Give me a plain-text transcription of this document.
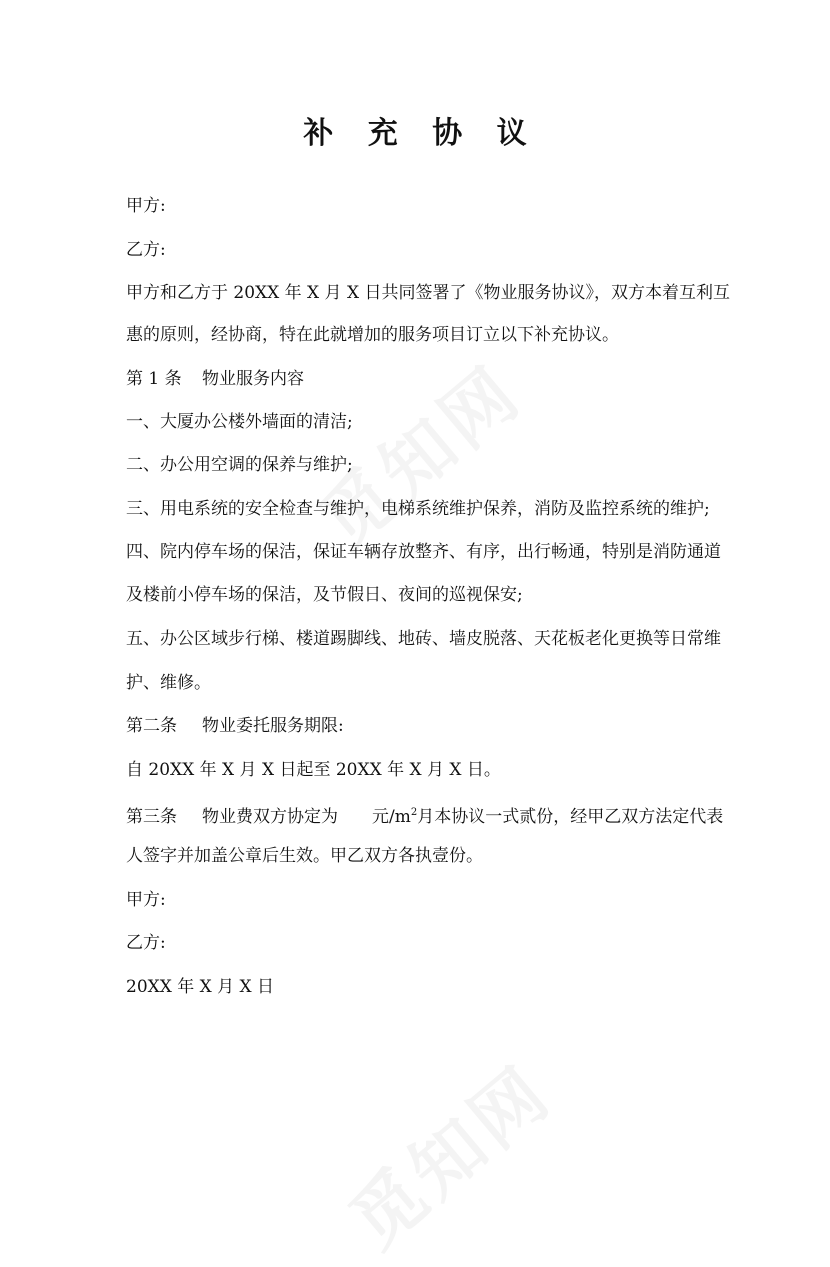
补 充 协 议

甲方:

乙方:

甲方和乙方于 20XX 年 X 月 X 日共同签署了《物业服务协议》，双方本着互利互

惠的原则，经协商，特在此就增加的服务项目订立以下补充协议。

第 1 条 物业服务内容

一、大厦办公楼外墙面的清洁;

二、办公用空调的保养与维护;

三、用电系统的安全检查与维护，电梯系统维护保养，消防及监控系统的维护;

四、院内停车场的保洁，保证车辆存放整齐、有序，出行畅通，特别是消防通道

及楼前小停车场的保洁，及节假日、夜间的巡视保安;

五、办公区域步行梯、楼道踢脚线、地砖、墙皮脱落、天花板老化更换等日常维

护、维修。

第二条 物业委托服务期限:

自 20XX 年 X 月 X 日起至 20XX 年 X 月 X 日。

第三条 物业费双方协定为 元$/m^2$月本协议一式贰份，经甲乙双方法定代表

人签字并加盖公章后生效。甲乙双方各执壹份。

甲方:

乙方:

20XX 年 X 月 X 日
